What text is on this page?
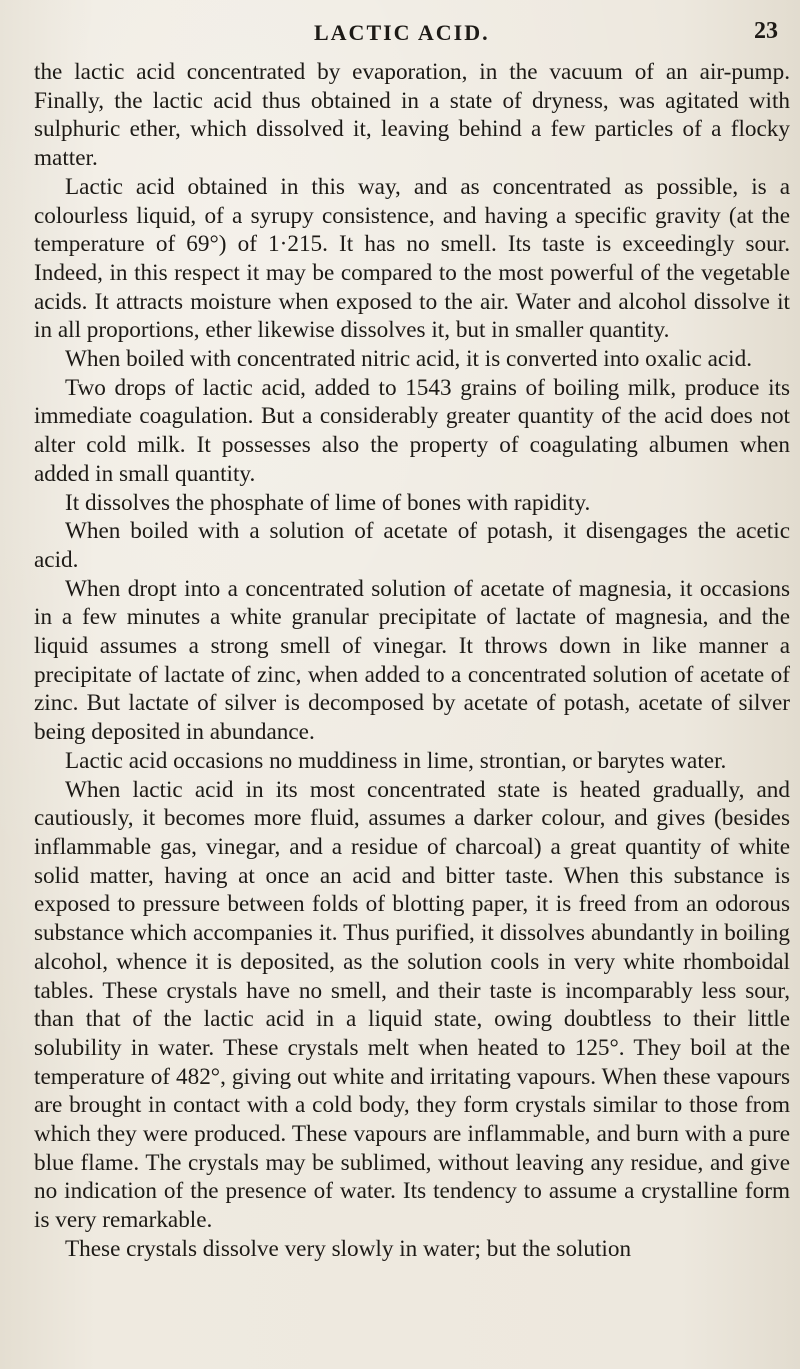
LACTIC ACID.	23

the lactic acid concentrated by evaporation, in the vacuum of an air-pump. Finally, the lactic acid thus obtained in a state of dryness, was agitated with sulphuric ether, which dissolved it, leaving behind a few particles of a flocky matter.

Lactic acid obtained in this way, and as concentrated as possible, is a colourless liquid, of a syrupy consistence, and having a specific gravity (at the temperature of 69°) of 1·215. It has no smell. Its taste is exceedingly sour. Indeed, in this respect it may be compared to the most powerful of the vegetable acids. It attracts moisture when exposed to the air. Water and alcohol dissolve it in all proportions, ether likewise dissolves it, but in smaller quantity.

When boiled with concentrated nitric acid, it is converted into oxalic acid.

Two drops of lactic acid, added to 1543 grains of boiling milk, produce its immediate coagulation. But a considerably greater quantity of the acid does not alter cold milk. It possesses also the property of coagulating albumen when added in small quantity.

It dissolves the phosphate of lime of bones with rapidity.

When boiled with a solution of acetate of potash, it disengages the acetic acid.

When dropt into a concentrated solution of acetate of magnesia, it occasions in a few minutes a white granular precipitate of lactate of magnesia, and the liquid assumes a strong smell of vinegar. It throws down in like manner a precipitate of lactate of zinc, when added to a concentrated solution of acetate of zinc. But lactate of silver is decomposed by acetate of potash, acetate of silver being deposited in abundance.

Lactic acid occasions no muddiness in lime, strontian, or barytes water.

When lactic acid in its most concentrated state is heated gradually, and cautiously, it becomes more fluid, assumes a darker colour, and gives (besides inflammable gas, vinegar, and a residue of charcoal) a great quantity of white solid matter, having at once an acid and bitter taste. When this substance is exposed to pressure between folds of blotting paper, it is freed from an odorous substance which accompanies it. Thus purified, it dissolves abundantly in boiling alcohol, whence it is deposited, as the solution cools in very white rhomboidal tables. These crystals have no smell, and their taste is incomparably less sour, than that of the lactic acid in a liquid state, owing doubtless to their little solubility in water. These crystals melt when heated to 125°. They boil at the temperature of 482°, giving out white and irritating vapours. When these vapours are brought in contact with a cold body, they form crystals similar to those from which they were produced. These vapours are inflammable, and burn with a pure blue flame. The crystals may be sublimed, without leaving any residue, and give no indication of the presence of water. Its tendency to assume a crystalline form is very remarkable.

These crystals dissolve very slowly in water; but the solution
